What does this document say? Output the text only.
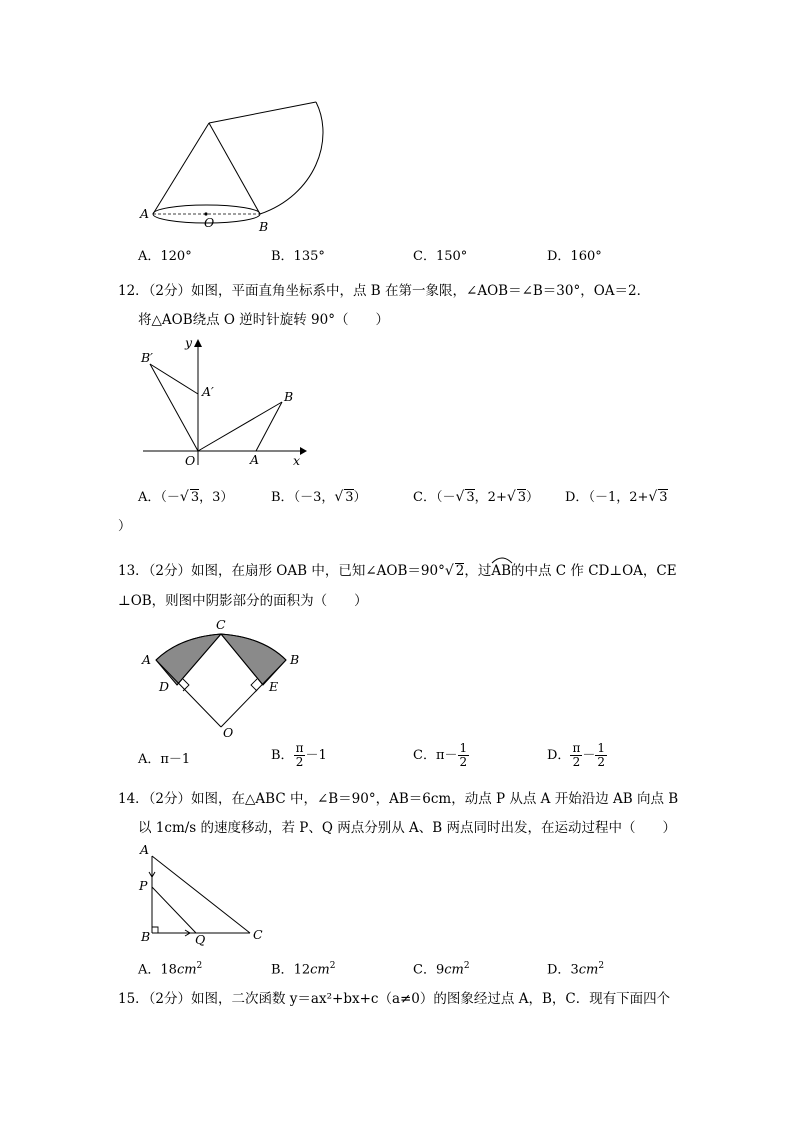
A
O	B
A．120°	B．135°	C．150°	D．160°
12．（2分）如图，平面直角坐标系中，点 B 在第一象限，∠AOB＝∠B＝30°，OA＝2．
将△AOB绕点 O 逆时针旋转 90°（　　）
y
B′
A′	B
O	A	x
A．（－√ 3，3）	B．（－3，√ 3）	C．（－√ 3，2+√ 3） D．（－1，2+√ 3
）
13．（2分）如图，在扇形 OAB 中，已知∠AOB＝90°√ 2，过
AB的中点 C 作 CD⊥OA，CE
⊥OB，则图中阴影部分的面积为（　　）
C
A	B
D	E
O
A．π－1	B． $\frac{\pi}{2} -1$	C．$\pi- \frac{1}{2}$	D． $\frac{\pi}{2} - \frac{1}{2}$
14．（2分）如图，在△ABC 中，∠B＝90°，AB＝6cm，动点 P 从点 A 开始沿边 AB 向点 B
以 1cm/s 的速度移动，若 P、Q 两点分别从 A、B 两点同时出发，在运动过程中（　　）
A
P
B	Q	C
A．$18cm^2$	B．$12cm^2$	C．$9cm^2$	D．$3cm^2$
15．（2分）如图，二次函数 y＝ax²+bx+c（a≠0）的图象经过点 A，B，C．现有下面四个
